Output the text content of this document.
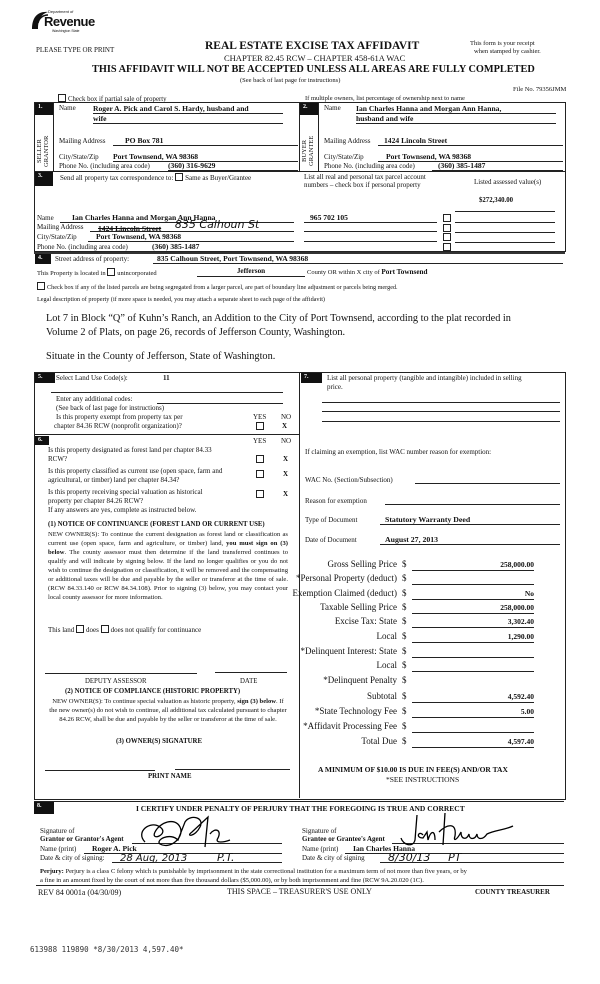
Department of
Revenue
Washington State
PLEASE TYPE OR PRINT	REAL ESTATE EXCISE TAX AFFIDAVIT
CHAPTER 82.45 RCW – CHAPTER 458-61A WAC
This form is your receipt
when stamped by cashier.
THIS AFFIDAVIT WILL NOT BE ACCEPTED UNLESS ALL AREAS ARE FULLY COMPLETED
(See back of last page for instructions)
File No. 79356JMM
Check box if partial sale of property	If multiple owners, list percentage of ownership next to name
1.	2.
SELLER
GRANTOR	BUYER
GRANTEE
Name Roger A. Pick and Carol S. Hardy, husband and
wife
Mailing Address	PO Box 781
City/State/Zip Port Townsend, WA 98368
Phone No. (including area code) (360) 316-9629
Name Ian Charles Hanna and Morgan Ann Hanna,
husband and wife
Mailing Address	1424 Lincoln Street
City/State/Zip	Port Townsend, WA 98368
Phone No. (including area code)	(360) 385-1487
3.	Send all property tax correspondence to: Same as Buyer/Grantee	List all real and personal tax parcel account
numbers – check box if personal property	Listed assessed value(s)
Name	Ian Charles Hanna and Morgan Ann Hanna
Mailing Address	1424 Lincoln Street 835 Calhoun St
City/State/Zip	Port Townsend, WA 98368
Phone No. (including area code)	(360) 385-1487
965 702 105
$272,340.00
4.	Street address of property:	835 Calhoun Street, Port Townsend, WA 98368
This Property is located in unincorporated	Jefferson	County OR within X city of Port Townsend
Check box if any of the listed parcels are being segregated from a larger parcel, are part of boundary line adjustment or parcels being merged.
Legal description of property (if more space is needed, you may attach a separate sheet to each page of the affidavit)
Lot 7 in Block “Q” of Kuhn’s Ranch, an Addition to the City of Port Townsend, according to the plat recorded in
Volume 2 of Plats, on page 26, records of Jefferson County, Washington.
Situate in the County of Jefferson, State of Washington.
5.	Select Land Use Code(s):	11
Enter any additional codes:
(See back of last page for instructions)
Is this property exempt from property tax per
chapter 84.36 RCW (nonprofit organization)?
YES NO
X
6.	YES NO
Is this property designated as forest land per chapter 84.33
RCW?	X
Is this property classified as current use (open space, farm and
agricultural, or timber) land per chapter 84.34?
X
Is this property receiving special valuation as historical
property per chapter 84.26 RCW?
X
If any answers are yes, complete as instructed below.
(1) NOTICE OF CONTINUANCE (FOREST LAND OR CURRENT USE)
NEW OWNER(S): To continue the current designation as forest land or classification as current use (open space, farm and agriculture, or timber) land, you must sign on (3) below. The county assessor must then determine if the land transferred continues to qualify and will indicate by signing below. If the land no longer qualifies or you do not wish to continue the designation or classification, it will be removed and the compensating or additional taxes will be due and payable by the seller or transferor at the time of sale. (RCW 84.33.140 or RCW 84.34.108). Prior to signing (3) below, you may contact your local county assessor for more information.
This land does does not qualify for continuance
DEPUTY ASSESSOR	DATE
(2) NOTICE OF COMPLIANCE (HISTORIC PROPERTY)
NEW OWNER(S): To continue special valuation as historic property, sign (3) below. If the new owner(s) do not wish to continue, all additional tax calculated pursuant to chapter 84.26 RCW, shall be due and payable by the seller or transferor at the time of sale.
(3) OWNER(S) SIGNATURE
PRINT NAME
7.	List all personal property (tangible and intangible) included in selling
price.
If claiming an exemption, list WAC number reason for exemption:
WAC No. (Section/Subsection)
Reason for exemption
Type of Document	Statutory Warranty Deed
Date of Document	August 27, 2013
Gross Selling Price $	258,000.00
*Personal Property (deduct) $
Exemption Claimed (deduct) $	No
Taxable Selling Price $	258,000.00
Excise Tax: State $	3,302.40
Local $	1,290.00
*Delinquent Interest: State $
Local $
*Delinquent Penalty $
Subtotal $	4,592.40
*State Technology Fee $	5.00
*Affidavit Processing Fee $
Total Due $	4,597.40
A MINIMUM OF $10.00 IS DUE IN FEE(S) AND/OR TAX
*SEE INSTRUCTIONS
8.	I CERTIFY UNDER PENALTY OF PERJURY THAT THE FOREGOING IS TRUE AND CORRECT
Signature of
Grantor or Grantor's Agent
Name (print)	Roger A. Pick
Date & city of signing:	28 Aug, 2013	P.T.
Signature of
Grantee or Grantee's Agent
Name (print)	Ian Charles Hanna
Date & city of signing	8/30/13 PT
Perjury: Perjury is a class C felony which is punishable by imprisonment in the state correctional institution for a maximum term of not more than five years, or by
a fine in an amount fixed by the court of not more than five thousand dollars ($5,000.00), or by both imprisonment and fine (RCW 9A.20.020 (1C).
REV 84 0001a (04/30/09)	THIS SPACE – TREASURER'S USE ONLY	COUNTY TREASURER
613988 119890 *8/30/2013 4,597.40*
